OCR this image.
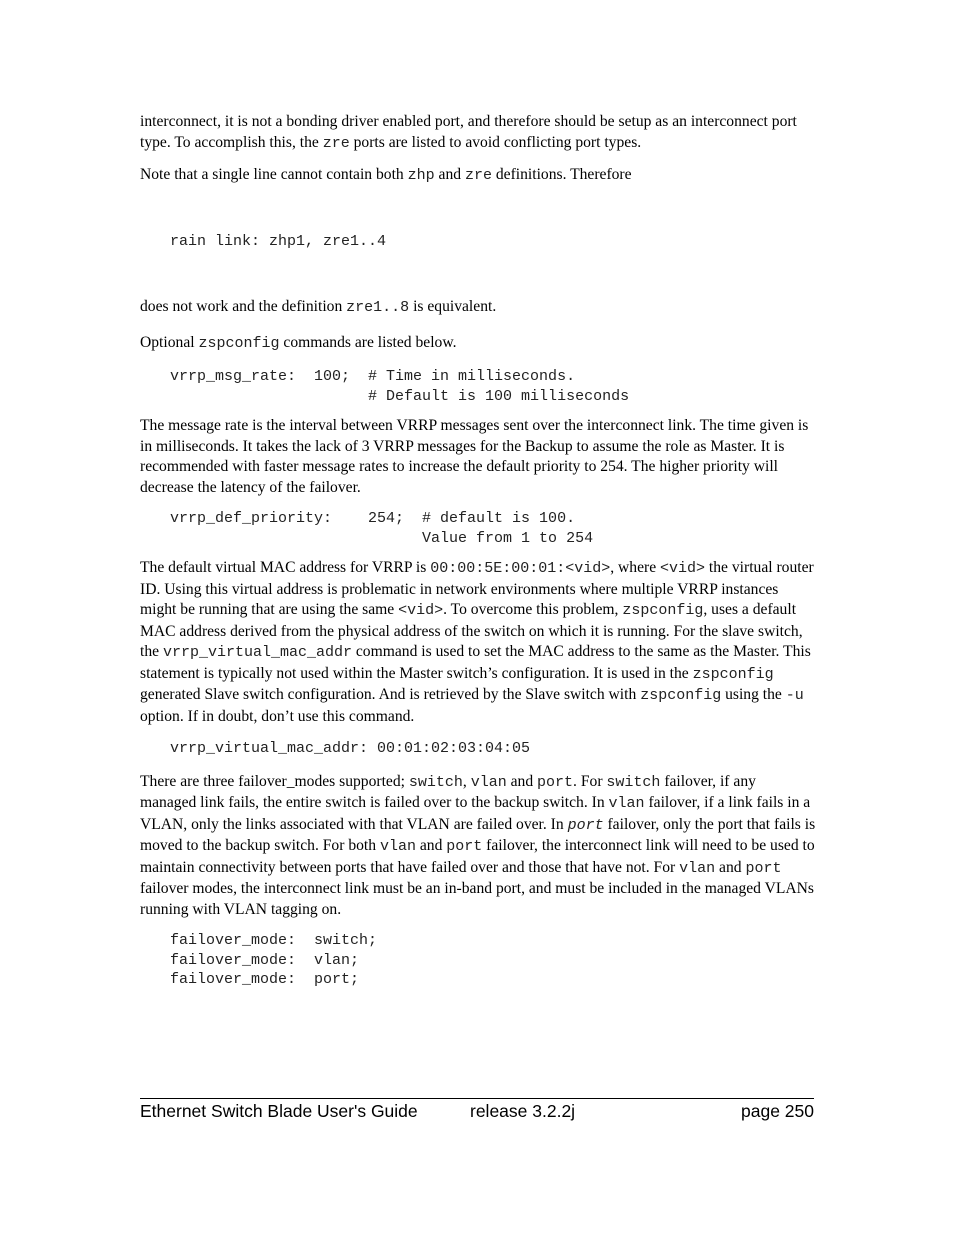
interconnect, it is not a bonding driver enabled port, and therefore should be setup as an interconnect port type. To accomplish this, the zre ports are listed to avoid conflicting port types.

Note that a single line cannot contain both zhp and zre definitions. Therefore

rain link: zhp1, zre1..4

does not work and the definition zre1..8 is equivalent.

Optional zspconfig commands are listed below.

vrrp_msg_rate:  100;  # Time in milliseconds.
# Default is 100 milliseconds

The message rate is the interval between VRRP messages sent over the interconnect link. The time given is in milliseconds. It takes the lack of 3 VRRP messages for the Backup to assume the role as Master. It is recommended with faster message rates to increase the default priority to 254. The higher priority will decrease the latency of the failover.

vrrp_def_priority:    254;  # default is 100.
Value from 1 to 254

The default virtual MAC address for VRRP is 00:00:5E:00:01:<vid>, where <vid> the virtual router ID. Using this virtual address is problematic in network environments where multiple VRRP instances might be running that are using the same <vid>. To overcome this problem, zspconfig, uses a default MAC address derived from the physical address of the switch on which it is running. For the slave switch, the vrrp_virtual_mac_addr command is used to set the MAC address to the same as the Master. This statement is typically not used within the Master switch’s configuration. It is used in the zspconfig generated Slave switch configuration. And is retrieved by the Slave switch with zspconfig using the -u option. If in doubt, don’t use this command.

vrrp_virtual_mac_addr: 00:01:02:03:04:05

There are three failover_modes supported; switch, vlan and port. For switch failover, if any managed link fails, the entire switch is failed over to the backup switch. In vlan failover, if a link fails in a VLAN, only the links associated with that VLAN are failed over. In port failover, only the port that fails is moved to the backup switch. For both vlan and port failover, the interconnect link will need to be used to maintain connectivity between ports that have failed over and those that have not. For vlan and port failover modes, the interconnect link must be an in-band port, and must be included in the managed VLANs running with VLAN tagging on.

failover_mode:  switch;
failover_mode:  vlan;
failover_mode:  port;
Ethernet Switch Blade User's Guide	release 3.2.2j	page 250
